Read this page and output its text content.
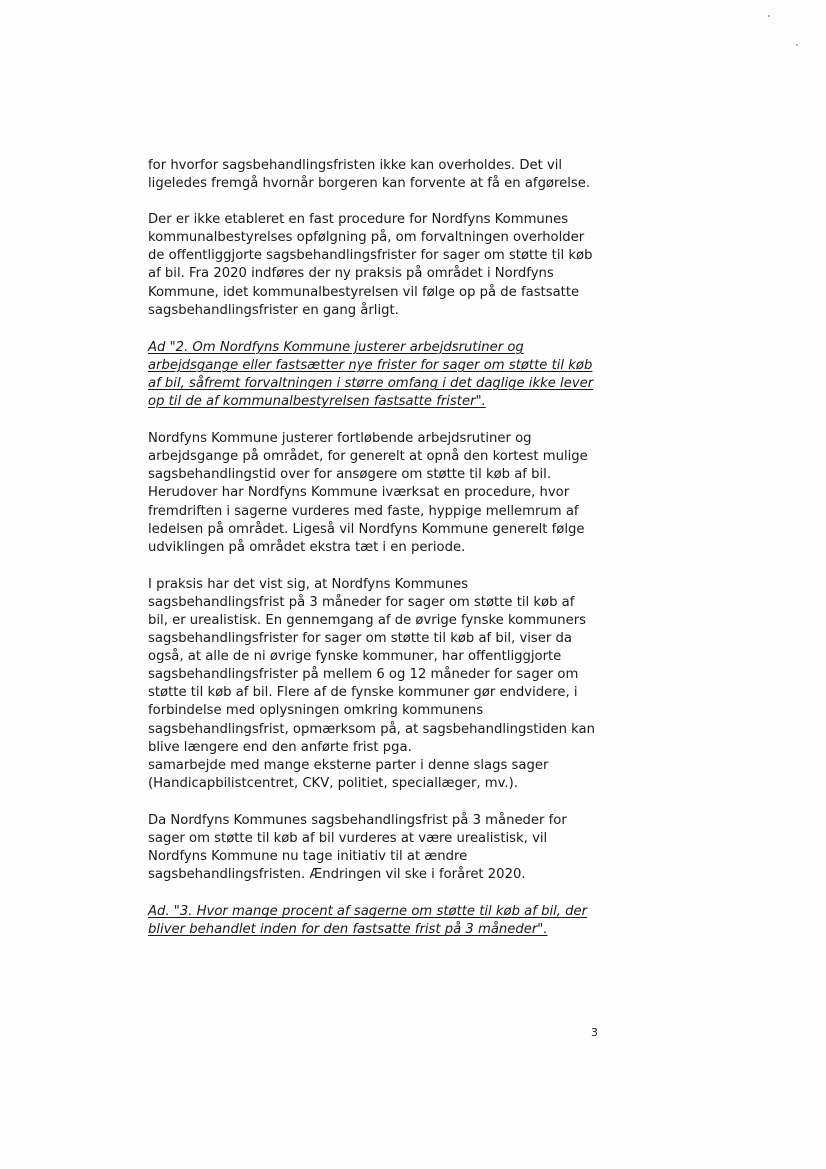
for hvorfor sagsbehandlingsfristen ikke kan overholdes. Det vil
ligeledes fremgå hvornår borgeren kan forvente at få en afgørelse.

Der er ikke etableret en fast procedure for Nordfyns Kommunes
kommunalbestyrelses opfølgning på, om forvaltningen overholder
de offentliggjorte sagsbehandlingsfrister for sager om støtte til køb
af bil. Fra 2020 indføres der ny praksis på området i Nordfyns
Kommune, idet kommunalbestyrelsen vil følge op på de fastsatte
sagsbehandlingsfrister en gang årligt.

Ad "2. Om Nordfyns Kommune justerer arbejdsrutiner og
arbejdsgange eller fastsætter nye frister for sager om støtte til køb
af bil, såfremt forvaltningen i større omfang i det daglige ikke lever
op til de af kommunalbestyrelsen fastsatte frister".

Nordfyns Kommune justerer fortløbende arbejdsrutiner og
arbejdsgange på området, for generelt at opnå den kortest mulige
sagsbehandlingstid over for ansøgere om støtte til køb af bil.
Herudover har Nordfyns Kommune iværksat en procedure, hvor
fremdriften i sagerne vurderes med faste, hyppige mellemrum af
ledelsen på området. Ligeså vil Nordfyns Kommune generelt følge
udviklingen på området ekstra tæt i en periode.

I praksis har det vist sig, at Nordfyns Kommunes
sagsbehandlingsfrist på 3 måneder for sager om støtte til køb af
bil, er urealistisk. En gennemgang af de øvrige fynske kommuners
sagsbehandlingsfrister for sager om støtte til køb af bil, viser da
også, at alle de ni øvrige fynske kommuner, har offentliggjorte
sagsbehandlingsfrister på mellem 6 og 12 måneder for sager om
støtte til køb af bil. Flere af de fynske kommuner gør endvidere, i
forbindelse med oplysningen omkring kommunens
sagsbehandlingsfrist, opmærksom på, at sagsbehandlingstiden kan
blive længere end den anførte frist pga.
samarbejde med mange eksterne parter i denne slags sager
(Handicapbilistcentret, CKV, politiet, speciallæger, mv.).

Da Nordfyns Kommunes sagsbehandlingsfrist på 3 måneder for
sager om støtte til køb af bil vurderes at være urealistisk, vil
Nordfyns Kommune nu tage initiativ til at ændre
sagsbehandlingsfristen. Ændringen vil ske i foråret 2020.

Ad. "3. Hvor mange procent af sagerne om støtte til køb af bil, der
bliver behandlet inden for den fastsatte frist på 3 måneder".

3
